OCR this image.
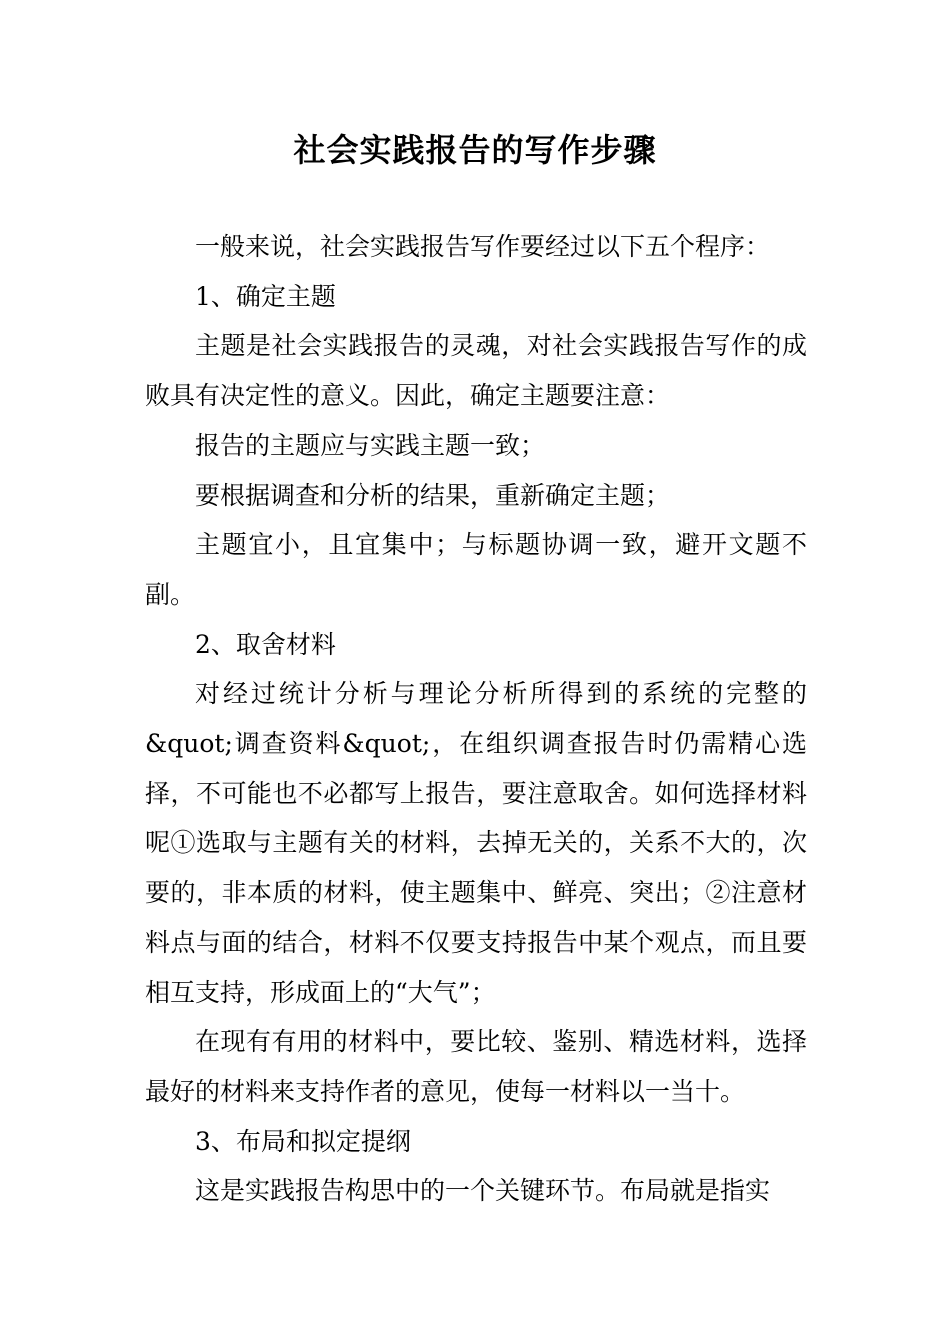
社会实践报告的写作步骤

一般来说，社会实践报告写作要经过以下五个程序：

1、确定主题

主题是社会实践报告的灵魂，对社会实践报告写作的成败具有决定性的意义。因此，确定主题要注意：

报告的主题应与实践主题一致；

要根据调查和分析的结果，重新确定主题；

主题宜小，且宜集中；与标题协调一致，避开文题不副。

2、取舍材料

对经过统计分析与理论分析所得到的系统的完整的&quot;调查资料&quot;，在组织调查报告时仍需精心选择，不可能也不必都写上报告，要注意取舍。如何选择材料呢①选取与主题有关的材料，去掉无关的，关系不大的，次要的，非本质的材料，使主题集中、鲜亮、突出；②注意材料点与面的结合，材料不仅要支持报告中某个观点，而且要相互支持，形成面上的“大气”；

在现有有用的材料中，要比较、鉴别、精选材料，选择最好的材料来支持作者的意见，使每一材料以一当十。

3、布局和拟定提纲

这是实践报告构思中的一个关键环节。布局就是指实
